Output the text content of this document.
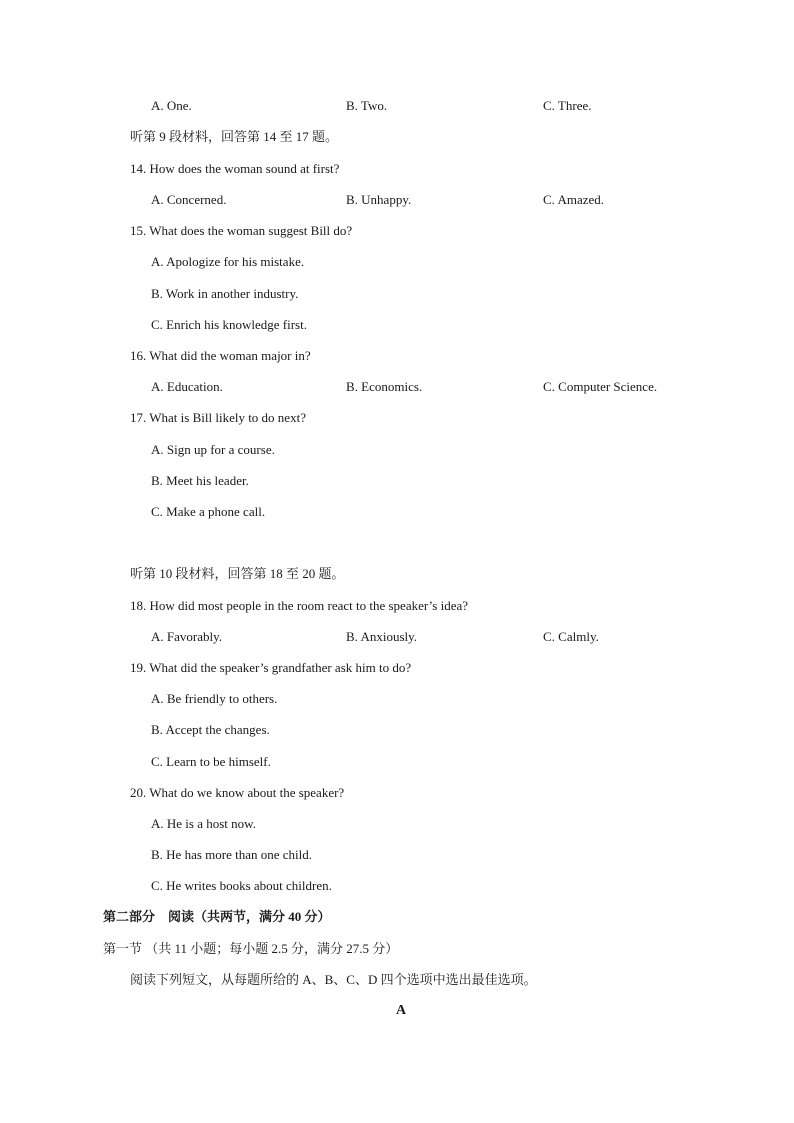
A. One.	B. Two.	C. Three.
听第 9 段材料，回答第 14 至 17 题。
14. How does the woman sound at first?
A. Concerned.	B. Unhappy.	C. Amazed.
15. What does the woman suggest Bill do?
A. Apologize for his mistake.
B. Work in another industry.
C. Enrich his knowledge first.
16. What did the woman major in?
A. Education.	B. Economics.	C. Computer Science.
17. What is Bill likely to do next?
A. Sign up for a course.
B. Meet his leader.
C. Make a phone call.
听第 10 段材料，回答第 18 至 20 题。
18. How did most people in the room react to the speaker’s idea?
A. Favorably.	B. Anxiously.	C. Calmly.
19. What did the speaker’s grandfather ask him to do?
A. Be friendly to others.
B. Accept the changes.
C. Learn to be himself.
20. What do we know about the speaker?
A. He is a host now.
B. He has more than one child.
C. He writes books about children.
第二部分　阅读（共两节，满分 40 分）
第一节 （共 11 小题；每小题 2.5 分，满分 27.5 分）
阅读下列短文，从每题所给的 A、B、C、D 四个选项中选出最佳选项。
A
